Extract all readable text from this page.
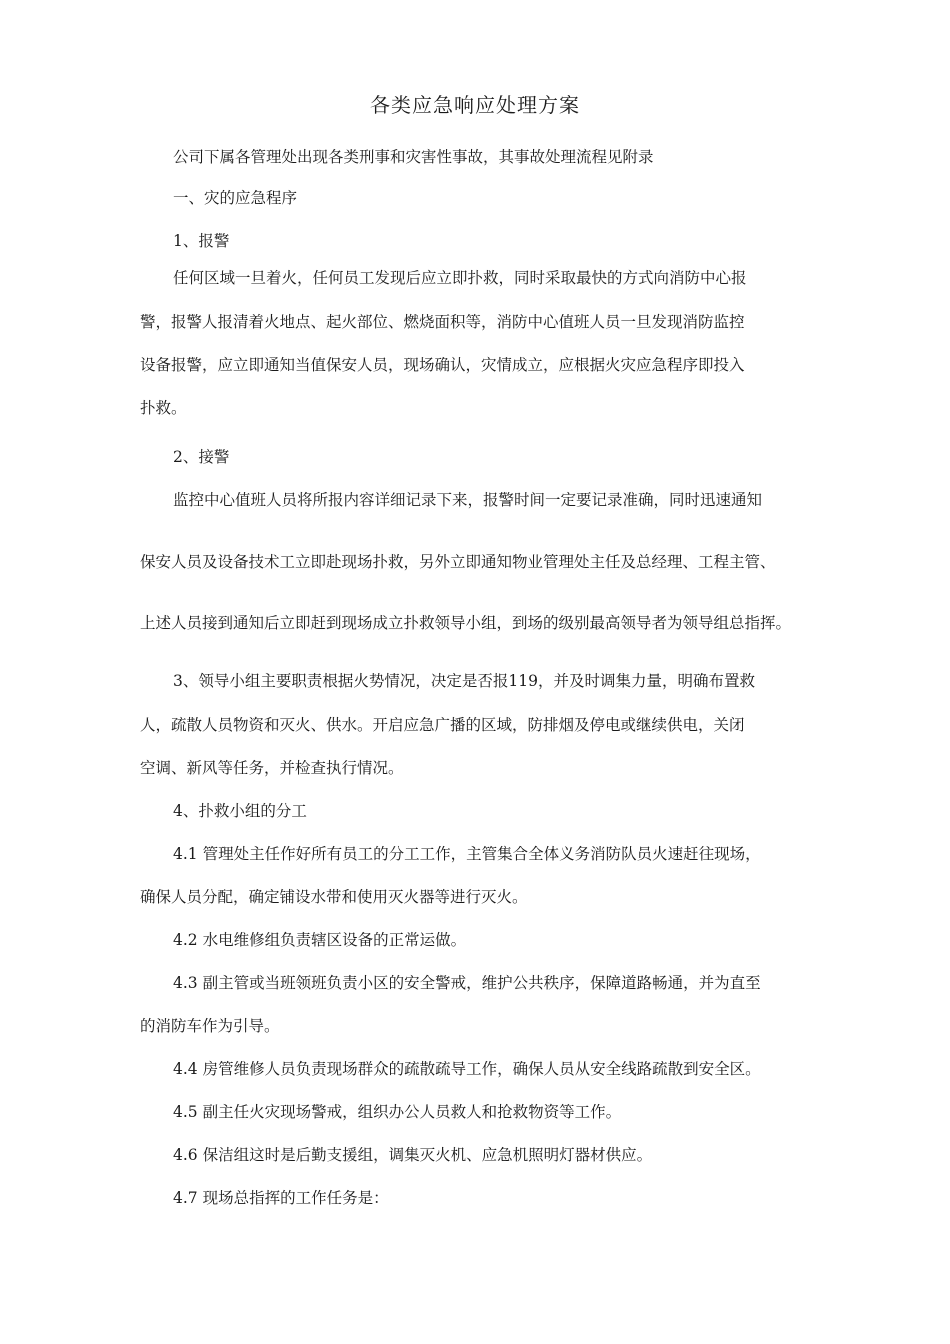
各类应急响应处理方案
公司下属各管理处出现各类刑事和灾害性事故，其事故处理流程见附录
一、灾的应急程序
1、报警
任何区域一旦着火，任何员工发现后应立即扑救，同时采取最快的方式向消防中心报
警，报警人报清着火地点、起火部位、燃烧面积等，消防中心值班人员一旦发现消防监控
设备报警，应立即通知当值保安人员，现场确认，灾情成立，应根据火灾应急程序即投入
扑救。
2、接警
监控中心值班人员将所报内容详细记录下来，报警时间一定要记录准确，同时迅速通知
保安人员及设备技术工立即赴现场扑救，另外立即通知物业管理处主任及总经理、工程主管、
上述人员接到通知后立即赶到现场成立扑救领导小组，到场的级别最高领导者为领导组总指挥。
3、领导小组主要职责根据火势情况，决定是否报119，并及时调集力量，明确布置救
人，疏散人员物资和灭火、供水。开启应急广播的区域，防排烟及停电或继续供电，关闭
空调、新风等任务，并检查执行情况。
4、扑救小组的分工
4.1 管理处主任作好所有员工的分工工作，主管集合全体义务消防队员火速赶往现场，
确保人员分配，确定铺设水带和使用灭火器等进行灭火。
4.2 水电维修组负责辖区设备的正常运做。
4.3 副主管或当班领班负责小区的安全警戒，维护公共秩序，保障道路畅通，并为直至
的消防车作为引导。
4.4 房管维修人员负责现场群众的疏散疏导工作，确保人员从安全线路疏散到安全区。
4.5 副主任火灾现场警戒，组织办公人员救人和抢救物资等工作。
4.6 保洁组这时是后勤支援组，调集灭火机、应急机照明灯器材供应。
4.7 现场总指挥的工作任务是：
